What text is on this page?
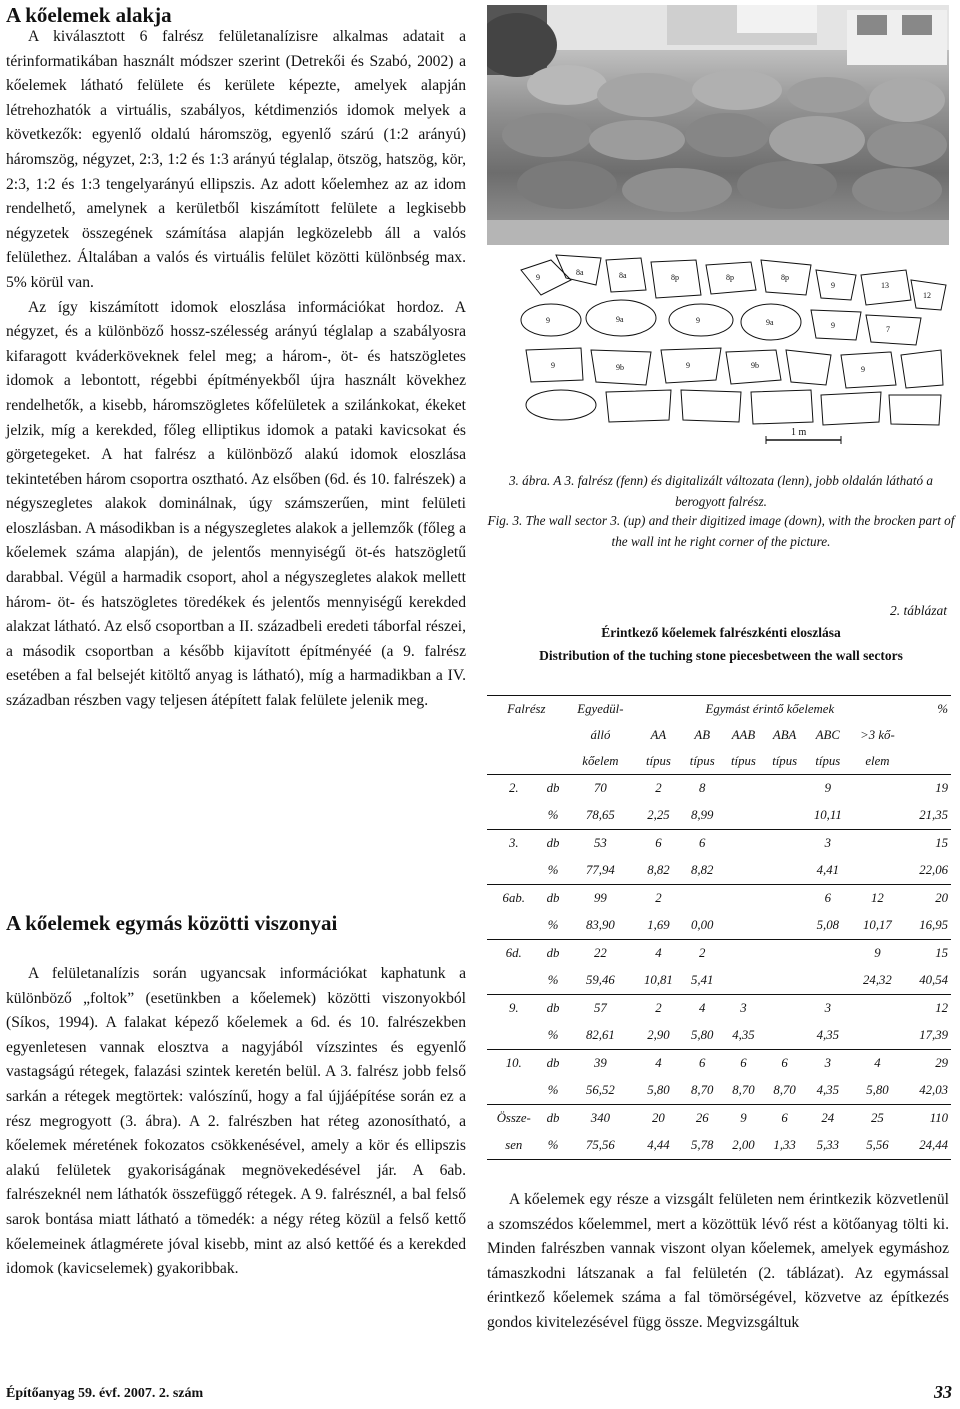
A kőelemek alakja

A kiválasztott 6 falrész felületanalízisre alkalmas adatait a térinformatikában használt módszer szerint (Detrekői és Szabó, 2002) a kőelemek látható felülete és kerülete képezte, amelyek alapján létrehozhatók a virtuális, szabályos, kétdimenziós idomok melyek a következők: egyenlő oldalú háromszög, egyenlő szárú (1:2 arányú) háromszög, négyzet, 2:3, 1:2 és 1:3 arányú téglalap, ötszög, hatszög, kör, 2:3, 1:2 és 1:3 tengelyarányú ellipszis. Az adott kőelemhez az az idom rendelhető, amelynek a kerületből kiszámított felülete a legkisebb négyzetek összegének számítása alapján legközelebb áll a valós felülethez. Általában a valós és virtuális felület közötti különbség max. 5% körül van.

Az így kiszámított idomok eloszlása információkat hordoz. A négyzet, és a különböző hossz-szélesség arányú téglalap a szabályosra kifaragott kváderköveknek felel meg; a három-, öt- és hatszögletes idomok a lebontott, régebbi építményekből újra használt kövekhez rendelhetők, a kisebb, háromszögletes kőfelületek a szilánkokat, ékeket jelzik, míg a kerekded, főleg elliptikus idomok a pataki kavicsokat és görgetegeket. A hat falrész a különböző alakú idomok eloszlása tekintetében három csoportra osztható. Az elsőben (6d. és 10. falrészek) a négyszegletes alakok dominálnak, úgy számszerűen, mint felületi eloszlásban. A másodikban is a négyszegletes alakok a jellemzők (főleg a kőelemek száma alapján), de jelentős mennyiségű öt-és hatszögletű darabbal. Végül a harmadik csoport, ahol a négyszegletes alakok mellett három- öt- és hatszögletes töredékek és jelentős mennyiségű kerekded alakzat látható. Az első csoportban a II. századbeli eredeti táborfal részei, a második csoportban a később kijavított építményéé (a 9. falrész esetében a fal belsejét kitöltő anyag is látható), míg a harmadikban a IV. században részben vagy teljesen átépített falak felülete jelenik meg.

A kőelemek egymás közötti viszonyai

A felületanalízis során ugyancsak információkat kaphatunk a különböző „foltok” (esetünkben a kőelemek) közötti viszonyokból (Síkos, 1994). A falakat képező kőelemek a 6d. és 10. falrészekben egyenletesen vannak elosztva a nagyjából vízszintes és egyenlő vastagságú rétegek, falazási szintek keretén belül. A 3. falrész jobb felső sarkán a rétegek megtörtek: valószínű, hogy a fal újjáépítése során ez a rész megrogyott (3. ábra). A 2. falrészben hat réteg azonosítható, a kőelemek méretének fokozatos csökkenésével, amely a kör és ellipszis alakú felületek gyakoriságának megnövekedésével jár. A 6ab. falrészeknél nem láthatók összefüggő rétegek. A 9. falrésznél, a bal felső sarok bontása miatt látható a tömedék: a négy réteg közül a felső kettő kőelemeinek átlagmérete jóval kisebb, mint az alsó kettőé és a kerekded idomok (kavicselemek) gyakoribbak.

9
8a	8a	8p	8p	8p
9	13
12
9	9a	9	9a	9	7
9	9b	9	9b	9
1 m
3. ábra. A 3. falrész (fenn) és digitalizált változata (lenn), jobb oldalán látható a berogyott falrész.
Fig. 3. The wall sector 3. (up) and their digitized image (down), with the brocken part of the wall int he right corner of the picture.
2. táblázat
Érintkező kőelemek falrészkénti eloszlása
Distribution of the tuching stone piecesbetween the wall sectors
Falrész		Egyedül-	Egymást érintő kőelemek						%
		álló	AA	AB	AAB	ABA	ABC	>3 kő-	
		kőelem	típus	típus	típus	típus	típus	elem	
2.	db	70	2	8			9		19
	%	78,65	2,25	8,99			10,11		21,35
3.	db	53	6	6			3		15
	%	77,94	8,82	8,82			4,41		22,06
6ab.	db	99	2				6	12	20
	%	83,90	1,69	0,00			5,08	10,17	16,95
6d.	db	22	4	2				9	15
	%	59,46	10,81	5,41				24,32	40,54
9.	db	57	2	4	3		3		12
	%	82,61	2,90	5,80	4,35		4,35		17,39
10.	db	39	4	6	6	6	3	4	29
	%	56,52	5,80	8,70	8,70	8,70	4,35	5,80	42,03
Össze-	db	340	20	26	9	6	24	25	110
sen	%	75,56	4,44	5,78	2,00	1,33	5,33	5,56	24,44

A kőelemek egy része a vizsgált felületen nem érintkezik közvetlenül a szomszédos kőelemmel, mert a közöttük lévő rést a kötőanyag tölti ki. Minden falrészben vannak viszont olyan kőelemek, amelyek egymáshoz támaszkodni látszanak a fal felületén (2. táblázat). Az egymással érintkező kőelemek száma a fal tömörségével, közvetve az építkezés gondos kivitelezésével függ össze. Megvizsgáltuk

Építőanyag 59. évf. 2007. 2. szám	33
